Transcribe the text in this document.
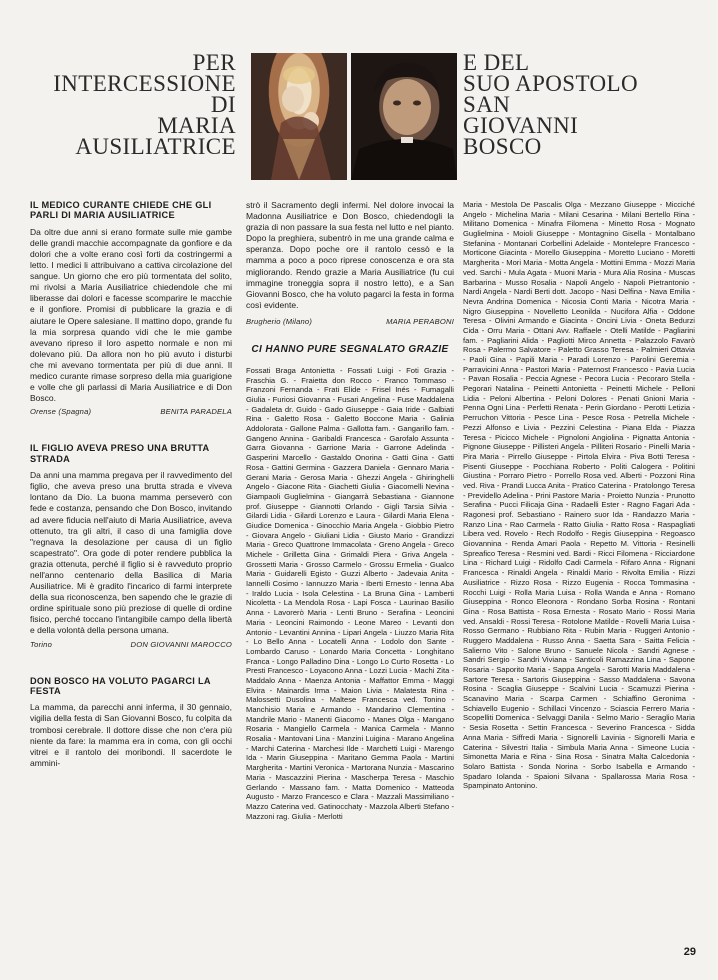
PER
INTERCESSIONE
DI
MARIA
AUSILIATRICE
E DEL
SUO APOSTOLO
SAN
GIOVANNI
BOSCO

IL MEDICO CURANTE CHIEDE CHE GLI PARLI DI MARIA AUSILIATRICE

Da oltre due anni si erano formate sulle mie gambe delle grandi macchie accompagnate da gonfiore e da dolori che a volte erano così forti da costringermi a letto. I medici li attribuivano a cattiva circolazione del sangue. Un giorno che ero più tormentata del solito, mi rivolsi a Maria Ausiliatrice chiedendole che mi liberasse dai dolori e facesse scomparire le macchie e il gonfiore. Promisi di pubblicare la grazia e di aiutare le Opere salesiane. Il mattino dopo, grande fu la mia sorpresa quando vidi che le mie gambe avevano ripreso il loro aspetto normale e non mi dolevano più. Da allora non ho più avuto i disturbi che mi avevano tormentata per più di due anni. Il medico curante rimase sorpreso della mia guarigione e volle che gli parlassi di Maria Ausiliatrice e di Don Bosco.

Orense (Spagna)	BENITA PARADELA

IL FIGLIO AVEVA PRESO UNA BRUTTA STRADA

Da anni una mamma pregava per il ravvedimento del figlio, che aveva preso una brutta strada e viveva lontano da Dio. La buona mamma perseverò con fede e costanza, pensando che Don Bosco, invitando ad avere fiducia nell'aiuto di Maria Ausiliatrice, aveva ottenuto, tra gli altri, il caso di una famiglia dove "regnava la desolazione per causa di un figlio scapestrato". Ora gode di poter rendere pubblica la grazia ottenuta, perché il figlio si è ravveduto proprio nell'anno centenario della Basilica di Maria Ausiliatrice. Mi è gradito l'incarico di farmi interprete della sua riconoscenza, ben sapendo che le grazie di ordine spirituale sono più preziose di quelle di ordine fisico, perché toccano l'intangibile campo della libertà e della volontà della persona umana.

Torino	DON GIOVANNI MAROCCO

DON BOSCO HA VOLUTO PAGARCI LA FESTA

La mamma, da parecchi anni inferma, il 30 gennaio, vigilia della festa di San Giovanni Bosco, fu colpita da trombosi cerebrale. Il dottore disse che non c'era più niente da fare: la mamma era in coma, con gli occhi vitrei e il rantolo dei moribondi. Il sacerdote le ammini-

strò il Sacramento degli infermi. Nel dolore invocai la Madonna Ausiliatrice e Don Bosco, chiedendogli la grazia di non passare la sua festa nel lutto e nel pianto. Dopo la preghiera, subentrò in me una grande calma e speranza. Dopo poche ore il rantolo cessò e la mamma a poco a poco riprese conoscenza e ora sta migliorando. Rendo grazie a Maria Ausiliatrice (fu cui immagine troneggia sopra il nostro letto), e a San Giovanni Bosco, che ha voluto pagarci la festa in forma così evidente.

Brugherio (Milano)	MARIA PERABONI

CI HANNO PURE SEGNALATO GRAZIE

Fossati Braga Antonietta - Fossati Luigi - Foti Grazia - Fraschia G. - Fraietta don Rocco - Franco Tommaso - Franzoni Fernanda - Frati Elide - Frisel Inés - Fumagalli Giulia - Furiosi Giovanna - Fusari Angelina - Fuse Maddalena - Gadaleta dr. Guido - Gado Giuseppe - Gaia Iride - Galbiati Rina - Galetto Rosa - Galetto Boccone Maria - Galinia Addolorata - Gallone Palma - Gallotta fam. - Gangarillo fam. - Gangeno Annina - Garibaldi Francesca - Garofalo Assunta - Garra Giovanna - Garrione Maria - Garrone Adelinda - Gasperini Marcello - Gastaldo Onorina - Gatti Gina - Gatti Rosa - Gattini Germina - Gazzera Daniela - Gennaro Maria - Gerani Maria - Gerosa Maria - Ghezzi Angela - Ghiringhelli Angelo - Giacone Rita - Giachetti Giulia - Giacomelli Nevina - Giampaoli Guglielmina - Giangarrà Sebastiana - Giannone prof. Giuseppe - Giannotti Orlando - Gigli Tarsia Silvia - Gilardi Lidia - Gilardi Lorenzo e Laura - Gilardi Maria Elena - Giudice Domenica - Ginocchio Maria Angela - Giobbio Pietro - Giovara Angelo - Giuliani Lidia - Giusto Mario - Grandizzi Maria - Greco Quattrone Immacolata - Greno Angela - Greco Michele - Grilletta Gina - Grimaldi Piera - Griva Angela - Grossetti Maria - Grosso Carmelo - Grossu Ermelia - Gualco Maria - Guidarelli Egisto - Guzzi Alberto - Jadevaia Anita - Iannelli Cosimo - Iannuzzo Maria - Iberti Ernesto - Ienna Aba - Iraldo Lucia - Isola Celestina - La Bruna Gina - Lamberti Nicoletta - La Mendola Rosa - Lapi Fosca - Laurinao Basilio Anna - Lavorerò Maria - Lenti Bruno - Serafina - Leoncini Maria - Leoncini Raimondo - Leone Mareo - Levanti don Antonio - Levantini Annina - Lipari Angela - Liuzzo Maria Rita - Lo Bello Anna - Locatelli Anna - Lodolo don Sante - Lombardo Caruso - Lonardo Maria Concetta - Longhitano Franca - Longo Palladino Dina - Longo Lo Curto Rosetta - Lo Presti Francesco - Loyacono Anna - Lozzi Lucia - Machi Zita - Maddalo Anna - Maenza Antonia - Maffattor Emma - Maggi Elvira - Mainardis Irma - Maion Livia - Malatesta Rina - Malossetti Dusolina - Maltese Francesca ved. Tonino - Manchisio Maria e Armando - Mandarino Clementina - Mandrile Mario - Manenti Giacomo - Manes Olga - Mangano Rosaria - Mangiello Carmela - Manica Carmela - Manno Rosalia - Mantovani Lina - Manzini Luigina - Marano Angelina - Marchi Caterina - Marchesi Ilde - Marchetti Luigi - Marengo Ida - Marin Giuseppina - Maritano Gemma Paola - Martini Margherita - Martini Veronica - Martorana Nunzia - Mascarino Maria - Mascazzini Pierina - Mascherpa Teresa - Maschio Gerlando - Massano fam. - Matta Domenico - Matteoda Augusto - Marzo Francesco e Clara - Mazzali Massimiliano - Mazzo Caterina ved. Gatinocchaty - Mazzola Alberti Stefano - Mazzoni rag. Giulia - Merlotti

Maria - Mestola De Pascalis Olga - Mezzano Giuseppe - Micciché Angelo - Michelina Maria - Milani Cesarina - Milani Bertello Rina - Militano Domenica - Minafra Filomena - Minetto Rosa - Mognato Guglielmina - Moioli Giuseppe - Montagnino Gisella - Montalbano Stefanina - Montanari Corbellini Adelaide - Montelepre Francesco - Morticone Giacinta - Morello Giuseppina - Moretto Luciano - Moretti Margherita - Mori Maria - Motta Angela - Mottini Emma - Mozzi Maria ved. Sarchi - Mula Agata - Muoni Maria - Mura Alia Rosina - Muscas Barbarina - Musso Rosalia - Napoli Angelo - Napoli Pietrantonio - Nardi Angela - Nardi Berti dott. Jacopo - Nasi Delfina - Nava Emilia - Nevra Andrina Domenica - Nicosia Conti Maria - Nicotra Maria - Nigro Giuseppina - Novelletto Leonilda - Nucifora Alfia - Oddone Teresa - Olivini Armando e Giacinta - Oncini Livia - Oneta Bedurzi Cida - Orru Maria - Ottani Avv. Raffaele - Otelli Matilde - Pagliarini fam. - Pagliarini Alida - Pagliotti Mirco Annetta - Palazzolo Favarò Rosa - Palermo Salvatore - Paletto Grasso Teresa - Palmieri Ottavia - Paoli Gina - Papili Maria - Paradi Lorenzo - Parolini Geremia - Parravicini Anna - Pastori Maria - Paternost Francesco - Pavia Lucia - Pavan Rosalia - Peccia Agnese - Pecora Lucia - Pecoraro Stella - Pegorari Natalina - Peinetti Antonietta - Peinetti Michele - Pelloni Lidia - Peloni Albertina - Peloni Dolores - Penati Gnioni Maria - Penna Ogni Lina - Perfetti Renata - Perin Giordano - Perotti Letizia - Perruchon Vittoria - Pesce Lina - Pesce Rosa - Petrella Michele - Pezzi Alfonso e Livia - Pezzini Celestina - Piana Elda - Piazza Teresa - Picicco Michele - Pignoloni Angiolina - Pignatta Antonia - Pignone Giuseppe - Pillisteri Angela - Pilliteri Rosario - Pinelli Maria - Pira Maria - Pirrello Giuseppe - Pirtola Elvira - Piva Botti Teresa - Pisenti Giuseppe - Pocchiana Roberto - Politi Calogera - Politini Giustina - Porraro Pietro - Porrello Rosa ved. Alberti - Pozzoni Rina ved. Riva - Prandi Lucca Anita - Pratico Caterina - Pratolongo Teresa - Previdello Adelina - Prini Pastore Maria - Proietto Nunzia - Prunotto Serafina - Pucci Filicaja Gina - Radaelli Ester - Ragno Fagari Ada - Ragonesi prof. Sebastiano - Rainero suor Ida - Randazzo Maria - Ranzo Lina - Rao Carmela - Ratto Giulia - Ratto Rosa - Raspagliati Libera ved. Rovelo - Rech Rodolfo - Regis Giuseppina - Regoasco Giovannina - Renda Amari Paola - Repetto M. Vittoria - Resinelli Spreafico Teresa - Resmini ved. Bardi - Ricci Filomena - Ricciardone Lina - Richard Luigi - Ridolfo Cadi Carmela - Rifaro Anna - Rignani Francesca - Rinaldi Angela - Rinaldi Mario - Rivolta Emilia - Rizzi Ausiliatrice - Rizzo Rosa - Rizzo Eugenia - Rocca Tommasina - Rocchi Luigi - Rolla Maria Luisa - Rolla Wanda e Anna - Romano Giuseppina - Ronco Eleonora - Rondano Sorba Rosina - Rontani Gina - Rosa Battista - Rosa Ernesta - Rosato Mario - Rossi Maria ved. Ansaldi - Rossi Teresa - Rotolone Matilde - Rovelli Maria Luisa - Rosso Germano - Rubbiano Rita - Rubin Maria - Ruggeri Antonio - Ruggero Maddalena - Russo Anna - Saetta Sara - Saitta Felicia - Salierno Vito - Salone Bruno - Sanuele Nicola - Sandri Agnese - Sandri Sergio - Sandri Viviana - Santicoli Ramazzina Lina - Sapone Rosaria - Saporito Maria - Sappa Angela - Sarotti Maria Maddalena - Sartore Teresa - Sartoris Giuseppina - Sasso Maddalena - Savona Rosina - Scaglia Giuseppe - Scalvini Lucia - Scamuzzi Pierina - Scanavino Maria - Scarpa Carmen - Schiaffino Geronima - Schiavello Eugenio - Schillaci Vincenzo - Sciascia Ferrero Maria - Scopelliti Domenica - Selvaggi Danila - Selmo Mario - Seraglio Maria - Sesia Rosetta - Settin Francesca - Severino Francesca - Sidda Anna Maria - Siffredi Maria - Signorelli Lavinia - Signorelli Maria e Caterina - Silvestri Italia - Simbula Maria Anna - Simeone Lucia - Simonetta Maria e Rina - Sina Rosa - Sinatra Malta Calcedonia - Solaro Battista - Sonda Norina - Sorbo Isabella e Armando - Spadaro Iolanda - Spaioni Silvana - Spallarossa Maria Rosa - Spampinato Antonino.

29
